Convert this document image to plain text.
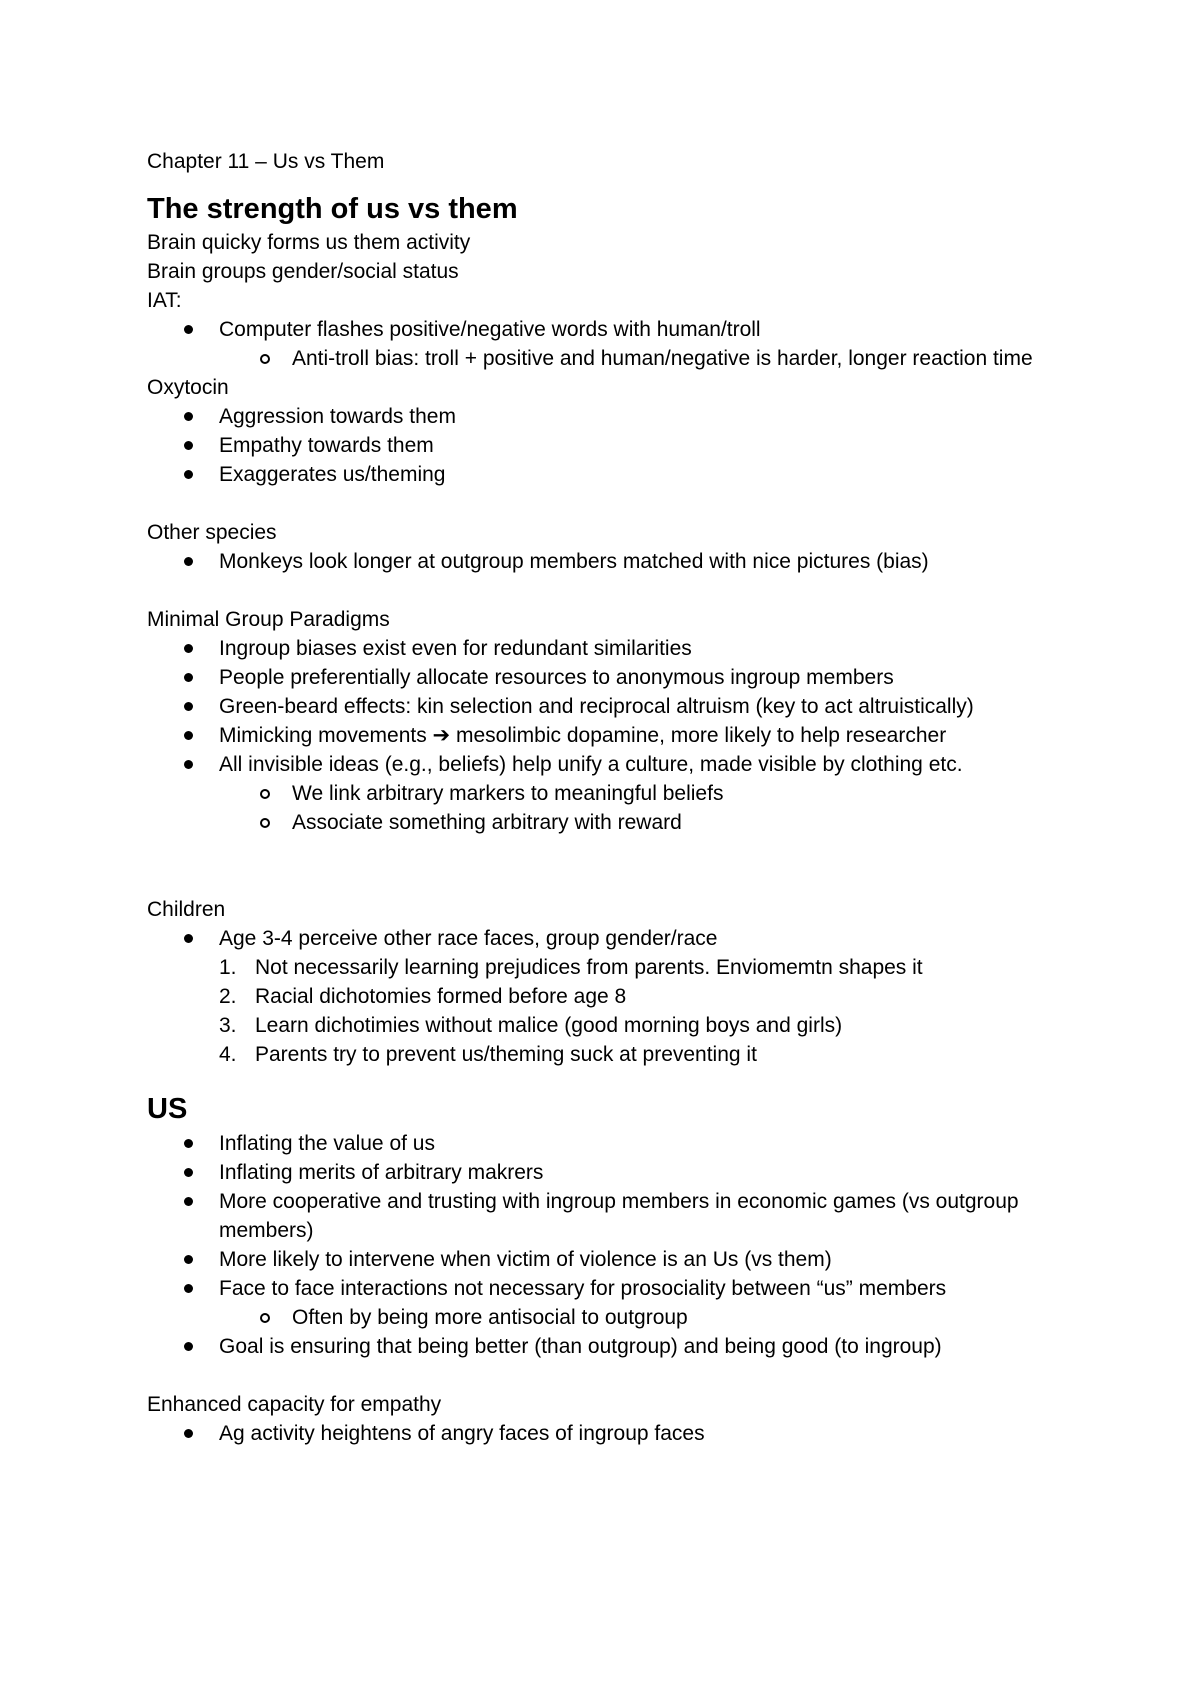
Chapter 11 – Us vs Them
The strength of us vs them
Brain quicky forms us them activity
Brain groups gender/social status
IAT:
Computer flashes positive/negative words with human/troll
Anti-troll bias: troll + positive and human/negative is harder, longer reaction time
Oxytocin
Aggression towards them
Empathy towards them
Exaggerates us/theming
Other species
Monkeys look longer at outgroup members matched with nice pictures (bias)
Minimal Group Paradigms
Ingroup biases exist even for redundant similarities
People preferentially allocate resources to anonymous ingroup members
Green-beard effects: kin selection and reciprocal altruism (key to act altruistically)
Mimicking movements ➔ mesolimbic dopamine, more likely to help researcher
All invisible ideas (e.g., beliefs) help unify a culture, made visible by clothing etc.
We link arbitrary markers to meaningful beliefs
Associate something arbitrary with reward
Children
Age 3-4 perceive other race faces, group gender/race
1. Not necessarily learning prejudices from parents. Enviomemtn shapes it
2. Racial dichotomies formed before age 8
3. Learn dichotimies without malice (good morning boys and girls)
4. Parents try to prevent us/theming suck at preventing it
US
Inflating the value of us
Inflating merits of arbitrary makrers
More cooperative and trusting with ingroup members in economic games (vs outgroup members)
More likely to intervene when victim of violence is an Us (vs them)
Face to face interactions not necessary for prosociality between “us” members
Often by being more antisocial to outgroup
Goal is ensuring that being better (than outgroup) and being good (to ingroup)
Enhanced capacity for empathy
Ag activity heightens of angry faces of ingroup faces
